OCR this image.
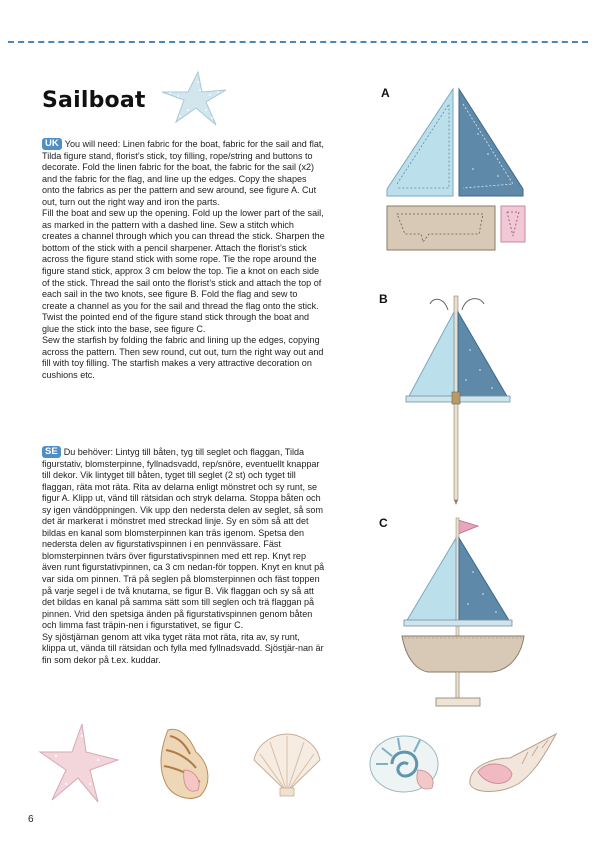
Sailboat

UK You will need: Linen fabric for the boat, fabric for the sail and flat, Tilda figure stand, florist’s stick, toy filling, rope/string and buttons to decorate. Fold the linen fabric for the boat, the fabric for the sail (x2) and the fabric for the flag, and line up the edges. Copy the shapes onto the fabrics as per the pattern and sew around, see figure A. Cut out, turn out the right way and iron the parts.

Fill the boat and sew up the opening. Fold up the lower part of the sail, as marked in the pattern with a dashed line. Sew a stitch which creates a channel through which you can thread the stick. Sharpen the bottom of the stick with a pencil sharpener. Attach the florist’s stick across the figure stand stick with some rope. Tie the rope around the figure stand stick, approx 3 cm below the top. Tie a knot on each side of the stick. Thread the sail onto the florist’s stick and attach the top of each sail in the two knots, see figure B. Fold the flag and sew to create a channel as you for the sail and thread the flag onto the stick. Twist the pointed end of the figure stand stick through the boat and glue the stick into the base, see figure C.

Sew the starfish by folding the fabric and lining up the edges, copying across the pattern. Then sew round, cut out, turn the right way out and fill with toy filling. The starfish makes a very attractive decoration on cushions etc.

SE Du behöver: Lintyg till båten, tyg till seglet och flaggan, Tilda figurstativ, blomsterpinne, fyllnadsvadd, rep/snöre, eventuellt knappar till dekor. Vik lintyget till båten, tyget till seglet (2 st) och tyget till flaggan, räta mot räta. Rita av delarna enligt mönstret och sy runt, se figur A. Klipp ut, vänd till rätsidan och stryk delarna. Stoppa båten och sy igen vändöppningen. Vik upp den nedersta delen av seglet, så som det är markerat i mönstret med streckad linje. Sy en söm så att det bildas en kanal som blomsterpinnen kan träs igenom. Spetsa den nedersta delen av figurstativspinnen i en pennvässare. Fäst blomsterpinnen tvärs över figurstativspinnen med ett rep. Knyt rep även runt figurstativpinnen, ca 3 cm nedan-för toppen. Knyt en knut på var sida om pinnen. Trä på seglen på blomsterpinnen och fäst toppen på varje segel i de två knutarna, se figur B. Vik flaggan och sy så att det bildas en kanal på samma sätt som till seglen och trä flaggan på pinnen. Vrid den spetsiga änden på figurstativspinnen genom båten och limma fast träpin-nen i figurstativet, se figur C.

Sy sjöstjärnan genom att vika tyget räta mot räta, rita av, sy runt, klippa ut, vända till rätsidan och fylla med fyllnadsvadd. Sjöstjär-nan är fin som dekor på t.ex. kuddar.

A
B
C
6
